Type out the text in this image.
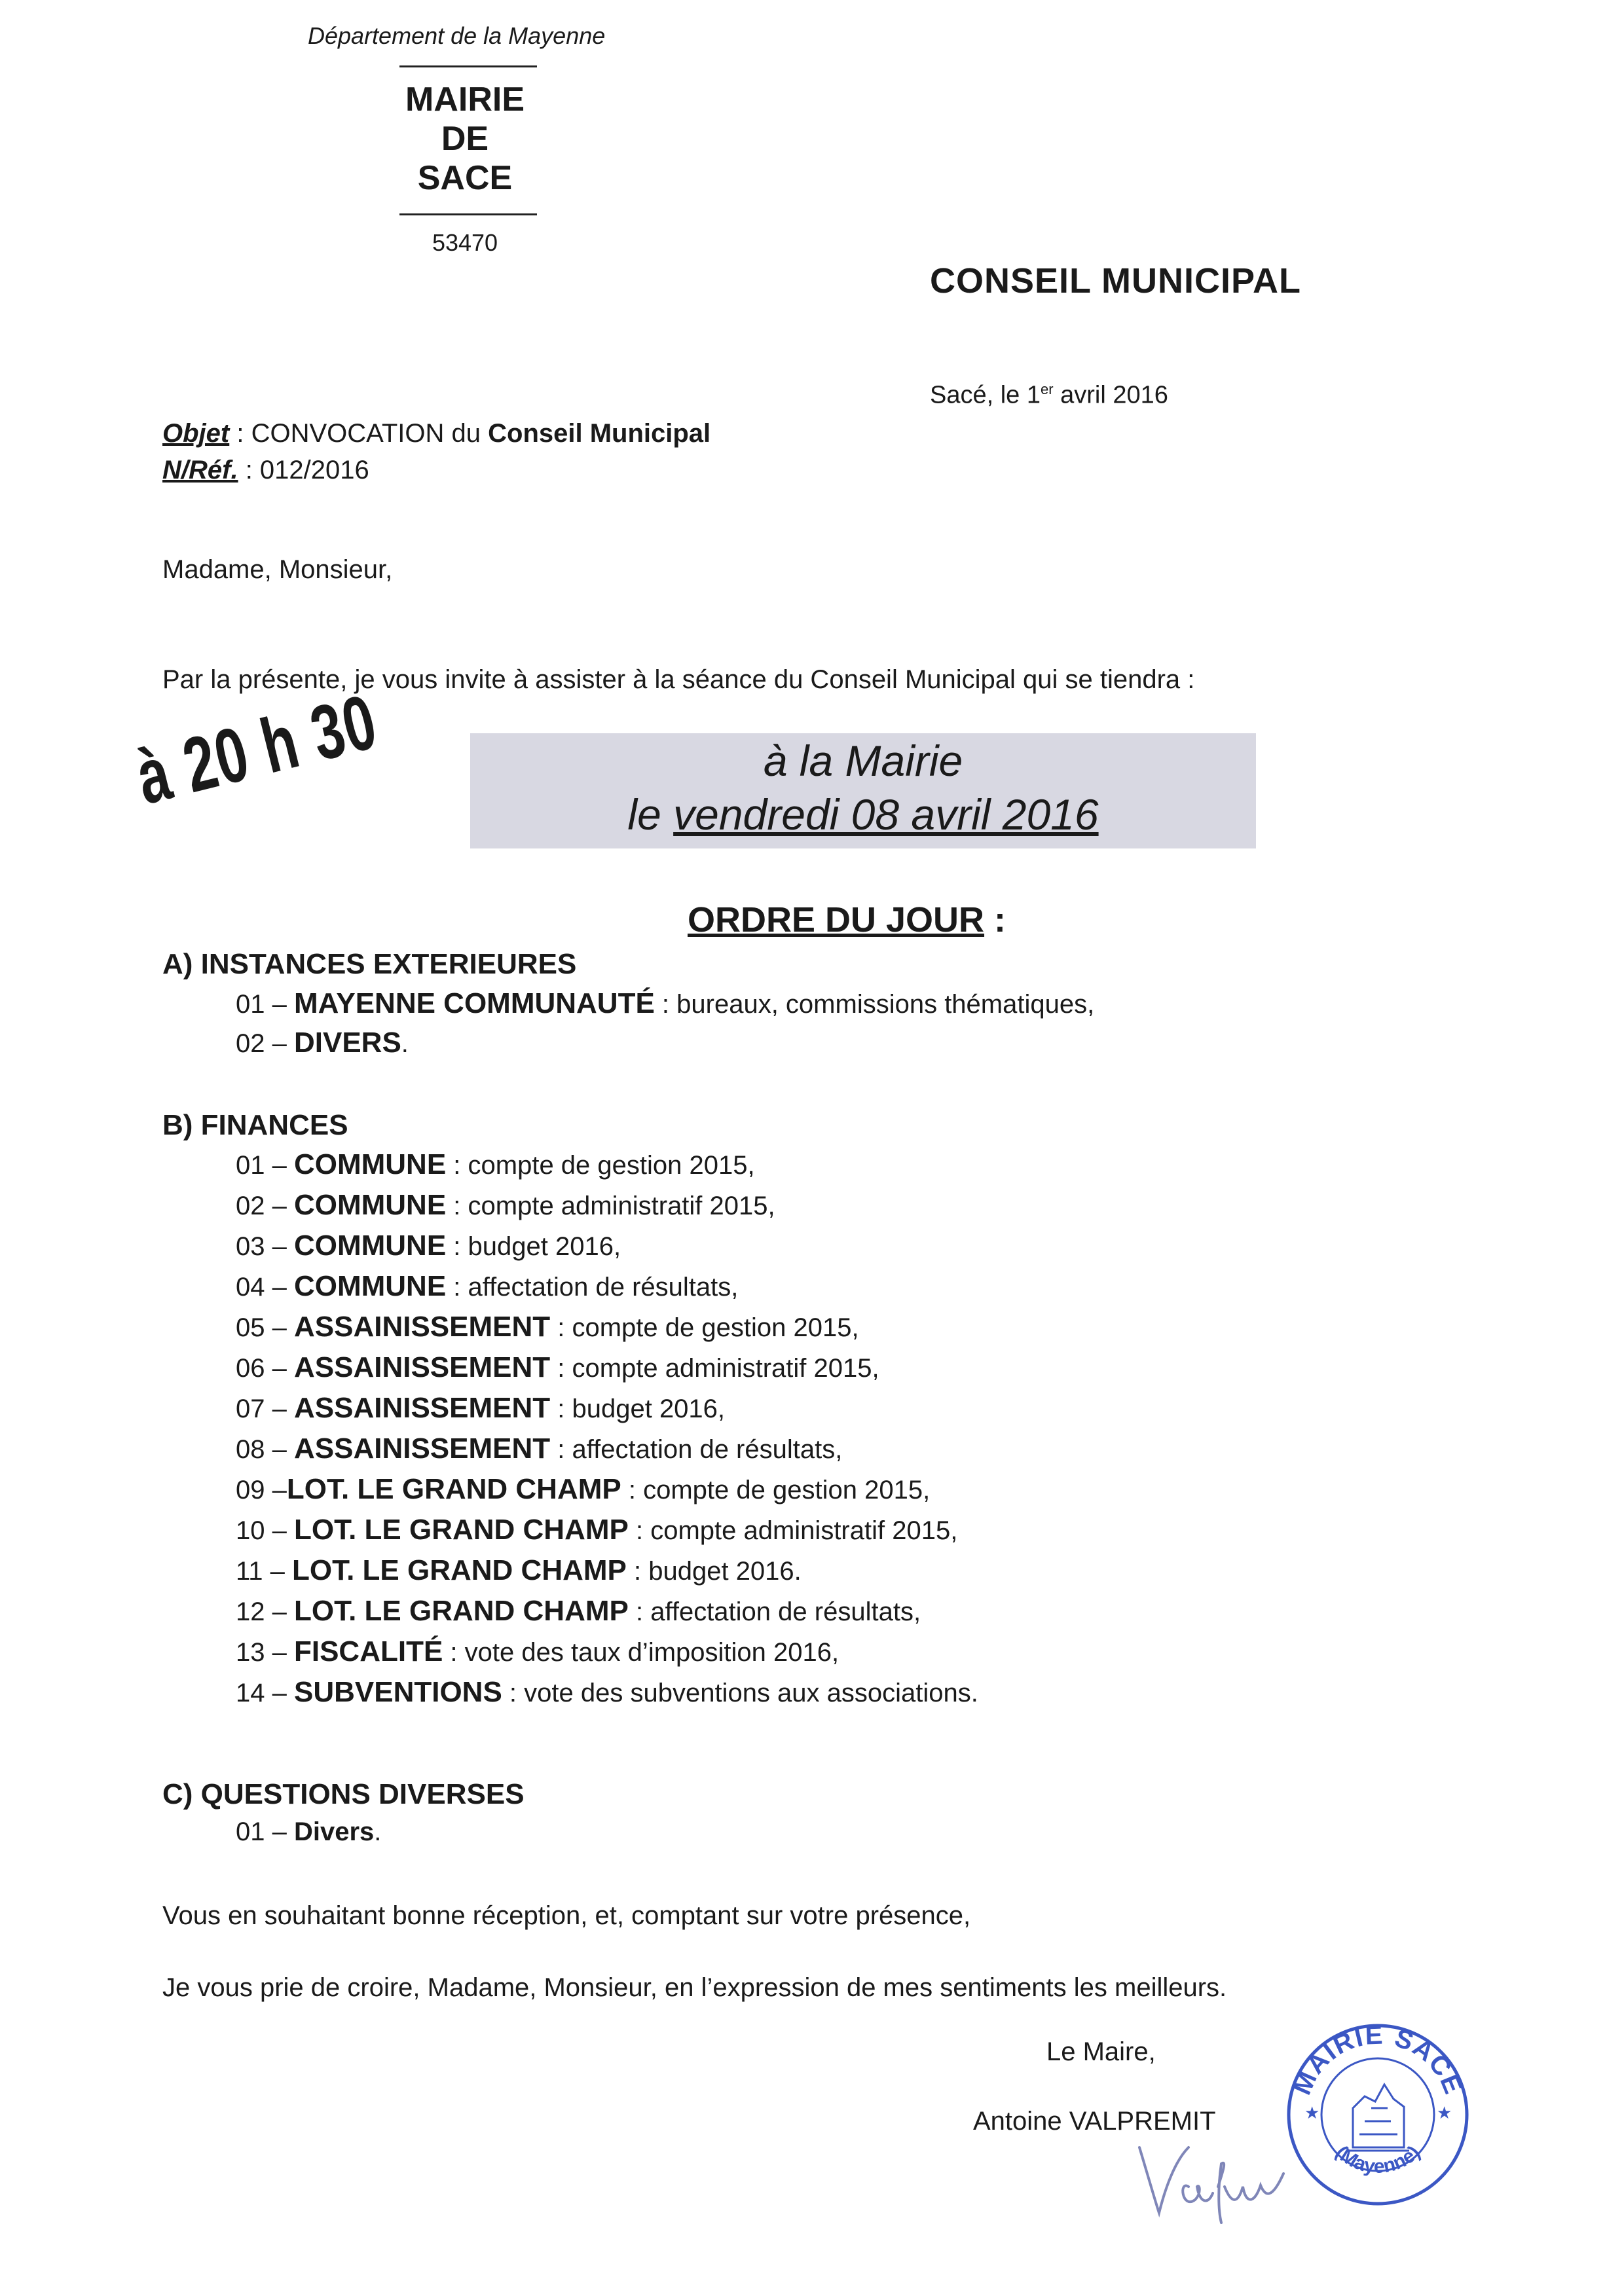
Département de la Mayenne
MAIRIE
DE
SACE
53470
CONSEIL MUNICIPAL
Sacé, le 1er avril 2016
Objet : CONVOCATION du Conseil Municipal
N/Réf. : 012/2016
Madame, Monsieur,
Par la présente, je vous invite à assister à la séance du Conseil Municipal qui se tiendra :
à 20 h 30	à la Mairie
le vendredi 08 avril 2016
ORDRE DU JOUR :
A) INSTANCES EXTERIEURES
01 – MAYENNE COMMUNAUTÉ : bureaux, commissions thématiques,
02 – DIVERS.
B) FINANCES
01 – COMMUNE : compte de gestion 2015,
02 – COMMUNE : compte administratif 2015,
03 – COMMUNE : budget 2016,
04 – COMMUNE : affectation de résultats,
05 – ASSAINISSEMENT : compte de gestion 2015,
06 – ASSAINISSEMENT : compte administratif 2015,
07 – ASSAINISSEMENT : budget 2016,
08 – ASSAINISSEMENT : affectation de résultats,
09 –LOT. LE GRAND CHAMP : compte de gestion 2015,
10 – LOT. LE GRAND CHAMP : compte administratif 2015,
11 – LOT. LE GRAND CHAMP : budget 2016.
12 – LOT. LE GRAND CHAMP : affectation de résultats,
13 – FISCALITÉ : vote des taux d’imposition 2016,
14 – SUBVENTIONS : vote des subventions aux associations.
C) QUESTIONS DIVERSES
01 – Divers.
Vous en souhaitant bonne réception, et, comptant sur votre présence,
Je vous prie de croire, Madame, Monsieur, en l’expression de mes sentiments les meilleurs.
Le Maire,
Antoine VALPREMIT
MAIRIE SACE
(Mayenne)
★	★
